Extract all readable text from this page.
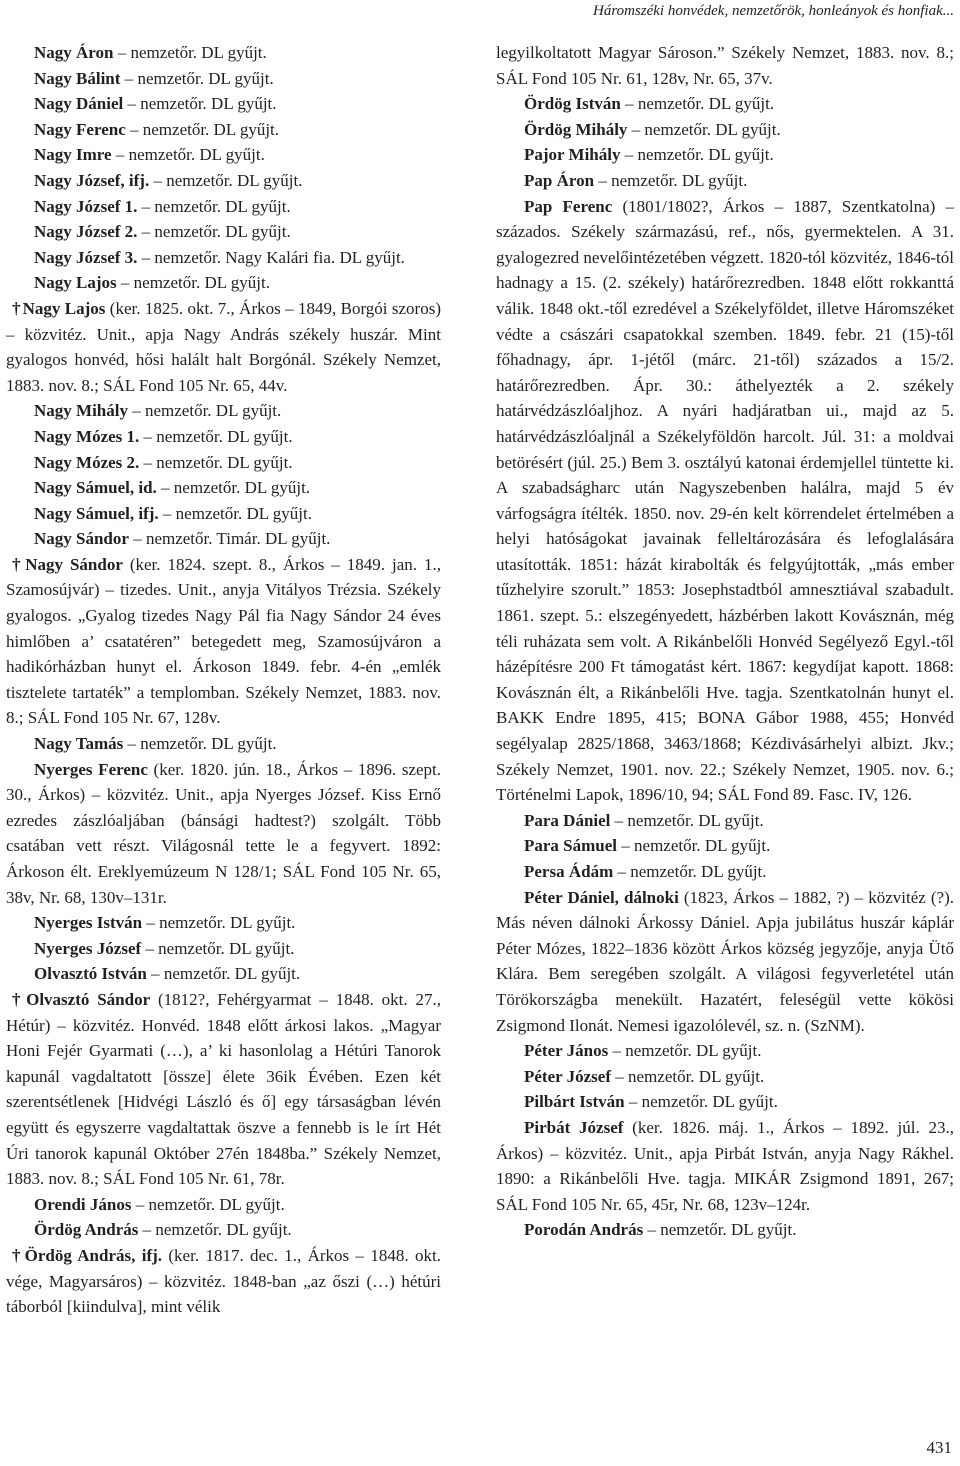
Háromszéki honvédek, nemzetőrök, honleányok és honfiak...

Nagy Áron – nemzetőr. DL gyűjt.

Nagy Bálint – nemzetőr. DL gyűjt.

Nagy Dániel – nemzetőr. DL gyűjt.

Nagy Ferenc – nemzetőr. DL gyűjt.

Nagy Imre – nemzetőr. DL gyűjt.

Nagy József, ifj. – nemzetőr. DL gyűjt.

Nagy József 1. – nemzetőr. DL gyűjt.

Nagy József 2. – nemzetőr. DL gyűjt.

Nagy József 3. – nemzetőr. Nagy Kalári fia. DL gyűjt.

Nagy Lajos – nemzetőr. DL gyűjt.

† Nagy Lajos (ker. 1825. okt. 7., Árkos – 1849, Borgói szoros) – közvitéz. Unit., apja Nagy András székely huszár. Mint gyalogos honvéd, hősi halált halt Borgónál. Székely Nemzet, 1883. nov. 8.; SÁL Fond 105 Nr. 65, 44v.

Nagy Mihály – nemzetőr. DL gyűjt.

Nagy Mózes 1. – nemzetőr. DL gyűjt.

Nagy Mózes 2. – nemzetőr. DL gyűjt.

Nagy Sámuel, id. – nemzetőr. DL gyűjt.

Nagy Sámuel, ifj. – nemzetőr. DL gyűjt.

Nagy Sándor – nemzetőr. Timár. DL gyűjt.

† Nagy Sándor (ker. 1824. szept. 8., Árkos – 1849. jan. 1., Szamosújvár) – tizedes. Unit., anyja Vitályos Trézsia. Székely gyalogos. „Gyalog tizedes Nagy Pál fia Nagy Sándor 24 éves himlőben a’ csatatéren” betegedett meg, Szamosújváron a hadikórházban hunyt el. Árkoson 1849. febr. 4-én „emlék tisztelete tartaték” a templomban. Székely Nemzet, 1883. nov. 8.; SÁL Fond 105 Nr. 67, 128v.

Nagy Tamás – nemzetőr. DL gyűjt.

Nyerges Ferenc (ker. 1820. jún. 18., Árkos – 1896. szept. 30., Árkos) – közvitéz. Unit., apja Nyerges József. Kiss Ernő ezredes zászlóaljában (bánsági hadtest?) szolgált. Több csatában vett részt. Világosnál tette le a fegyvert. 1892: Árkoson élt. Ereklyemúzeum N 128/1; SÁL Fond 105 Nr. 65, 38v, Nr. 68, 130v–131r.

Nyerges István – nemzetőr. DL gyűjt.

Nyerges József – nemzetőr. DL gyűjt.

Olvasztó István – nemzetőr. DL gyűjt.

† Olvasztó Sándor (1812?, Fehérgyarmat – 1848. okt. 27., Hétúr) – közvitéz. Honvéd. 1848 előtt árkosi lakos. „Magyar Honi Fejér Gyarmati (…), a’ ki hasonlolag a Hétúri Tanorok kapunál vagdaltatott [össze] élete 36ik Évében. Ezen két szerentsétlenek [Hidvégi László és ő] egy társaságban lévén együtt és egyszerre vagdaltattak öszve a fennebb is le írt Hét Úri tanorok kapunál Október 27én 1848ba.” Székely Nemzet, 1883. nov. 8.; SÁL Fond 105 Nr. 61, 78r.

Orendi János – nemzetőr. DL gyűjt.

Ördög András – nemzetőr. DL gyűjt.

† Ördög András, ifj. (ker. 1817. dec. 1., Árkos – 1848. okt. vége, Magyarsáros) – közvitéz. 1848-ban „az őszi (…) hétúri táborból [kiindulva], mint vélik

legyilkoltatott Magyar Sároson.” Székely Nemzet, 1883. nov. 8.; SÁL Fond 105 Nr. 61, 128v, Nr. 65, 37v.

Ördög István – nemzetőr. DL gyűjt.

Ördög Mihály – nemzetőr. DL gyűjt.

Pajor Mihály – nemzetőr. DL gyűjt.

Pap Áron – nemzetőr. DL gyűjt.

Pap Ferenc (1801/1802?, Árkos – 1887, Szentkatolna) – százados. Székely származású, ref., nős, gyermektelen. A 31. gyalogezred nevelőintézetében végzett. 1820-tól közvitéz, 1846-tól hadnagy a 15. (2. székely) határőrezredben. 1848 előtt rokkanttá válik. 1848 okt.-től ezredével a Székelyföldet, illetve Háromszéket védte a császári csapatokkal szemben. 1849. febr. 21 (15)-től főhadnagy, ápr. 1-jétől (márc. 21-től) százados a 15/2. határőrezredben. Ápr. 30.: áthelyezték a 2. székely határvédzászlóaljhoz. A nyári hadjáratban ui., majd az 5. határvédzászlóaljnál a Székelyföldön harcolt. Júl. 31: a moldvai betörésért (júl. 25.) Bem 3. osztályú katonai érdemjellel tüntette ki. A szabadságharc után Nagyszebenben halálra, majd 5 év várfogságra ítélték. 1850. nov. 29-én kelt körrendelet értelmében a helyi hatóságokat javainak felleltározására és lefoglalására utasították. 1851: házát kirabolták és felgyújtották, „más ember tűzhelyire szorult.” 1853: Josephstadtból amnesztiával szabadult. 1861. szept. 5.: elszegényedett, házbérben lakott Kovásznán, még téli ruházata sem volt. A Rikánbelőli Honvéd Segélyező Egyl.-től házépítésre 200 Ft támogatást kért. 1867: kegydíjat kapott. 1868: Kovásznán élt, a Rikánbelőli Hve. tagja. Szentkatolnán hunyt el. BAKK Endre 1895, 415; BONA Gábor 1988, 455; Honvéd segélyalap 2825/1868, 3463/1868; Kézdivásárhelyi albizt. Jkv.; Székely Nemzet, 1901. nov. 22.; Székely Nemzet, 1905. nov. 6.; Történelmi Lapok, 1896/10, 94; SÁL Fond 89. Fasc. IV, 126.

Para Dániel – nemzetőr. DL gyűjt.

Para Sámuel – nemzetőr. DL gyűjt.

Persa Ádám – nemzetőr. DL gyűjt.

Péter Dániel, dálnoki (1823, Árkos – 1882, ?) – közvitéz (?). Más néven dálnoki Árkossy Dániel. Apja jubilátus huszár káplár Péter Mózes, 1822–1836 között Árkos község jegyzője, anyja Ütő Klára. Bem seregében szolgált. A világosi fegyverletétel után Törökországba menekült. Hazatért, feleségül vette kökösi Zsigmond Ilonát. Nemesi igazolólevél, sz. n. (SzNM).

Péter János – nemzetőr. DL gyűjt.

Péter József – nemzetőr. DL gyűjt.

Pilbárt István – nemzetőr. DL gyűjt.

Pirbát József (ker. 1826. máj. 1., Árkos – 1892. júl. 23., Árkos) – közvitéz. Unit., apja Pirbát István, anyja Nagy Rákhel. 1890: a Rikánbelőli Hve. tagja. MIKÁR Zsigmond 1891, 267; SÁL Fond 105 Nr. 65, 45r, Nr. 68, 123v–124r.

Porodán András – nemzetőr. DL gyűjt.

431
